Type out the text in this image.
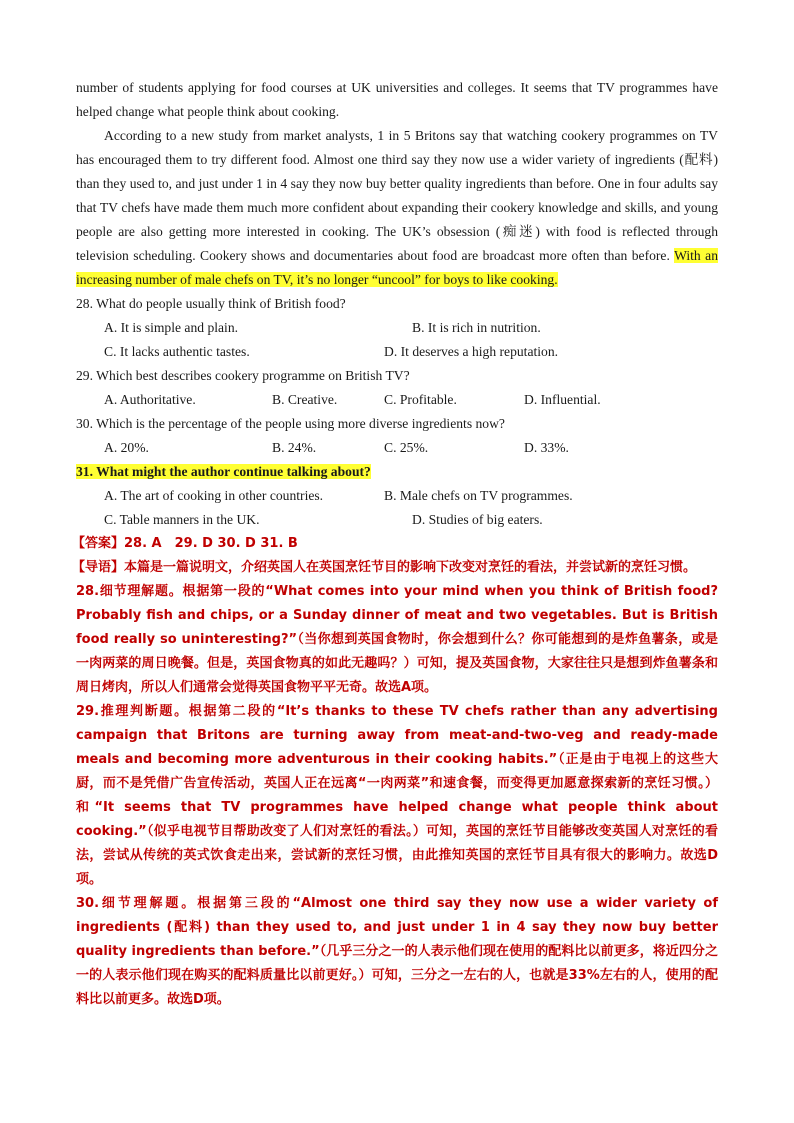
number of students applying for food courses at UK universities and colleges. It seems that TV programmes have helped change what people think about cooking.

According to a new study from market analysts, 1 in 5 Britons say that watching cookery programmes on TV has encouraged them to try different food. Almost one third say they now use a wider variety of ingredients (配料) than they used to, and just under 1 in 4 say they now buy better quality ingredients than before. One in four adults say that TV chefs have made them much more confident about expanding their cookery knowledge and skills, and young people are also getting more interested in cooking. The UK’s obsession (痴迷) with food is reflected through television scheduling. Cookery shows and documentaries about food are broadcast more often than before. With an increasing number of male chefs on TV, it’s no longer “uncool” for boys to like cooking.

28. What do people usually think of British food?

A. It is simple and plain.	B. It is rich in nutrition.
C. It lacks authentic tastes.	D. It deserves a high reputation.

29. Which best describes cookery programme on British TV?

A. Authoritative.	B. Creative.	C. Profitable.	D. Influential.

30. Which is the percentage of the people using more diverse ingredients now?

A. 20%.	B. 24%.	C. 25%.	D. 33%.

31. What might the author continue talking about?

A. The art of cooking in other countries.	B. Male chefs on TV programmes.
C. Table manners in the UK.	D. Studies of big eaters.

【答案】28. A　29. D 30. D 31. B

【导语】本篇是一篇说明文，介绍英国人在英国烹饪节目的影响下改变对烹饪的看法，并尝试新的烹饪习惯。

28.细节理解题。根据第一段的“What comes into your mind when you think of British food? Probably fish and chips, or a Sunday dinner of meat and two vegetables. But is British food really so uninteresting?”（当你想到英国食物时，你会想到什么？你可能想到的是炸鱼薯条，或是一肉两菜的周日晚餐。但是，英国食物真的如此无趣吗？）可知，提及英国食物，大家往往只是想到炸鱼薯条和周日烤肉，所以人们通常会觉得英国食物平平无奇。故选A项。

29.推理判断题。根据第二段的“It’s thanks to these TV chefs rather than any advertising campaign that Britons are turning away from meat-and-two-veg and ready-made meals and becoming more adventurous in their cooking habits.”（正是由于电视上的这些大厨，而不是凭借广告宣传活动，英国人正在远离“一肉两菜”和速食餐，而变得更加愿意探索新的烹饪习惯。）和“It seems that TV programmes have helped change what people think about cooking.”（似乎电视节目帮助改变了人们对烹饪的看法。）可知，英国的烹饪节目能够改变英国人对烹饪的看法，尝试从传统的英式饮食走出来，尝试新的烹饪习惯，由此推知英国的烹饪节目具有很大的影响力。故选D项。

30.细节理解题。根据第三段的“Almost one third say they now use a wider variety of ingredients (配料) than they used to, and just under 1 in 4 say they now buy better quality ingredients than before.”（几乎三分之一的人表示他们现在使用的配料比以前更多，将近四分之一的人表示他们现在购买的配料质量比以前更好。）可知，三分之一左右的人，也就是33%左右的人，使用的配料比以前更多。故选D项。
